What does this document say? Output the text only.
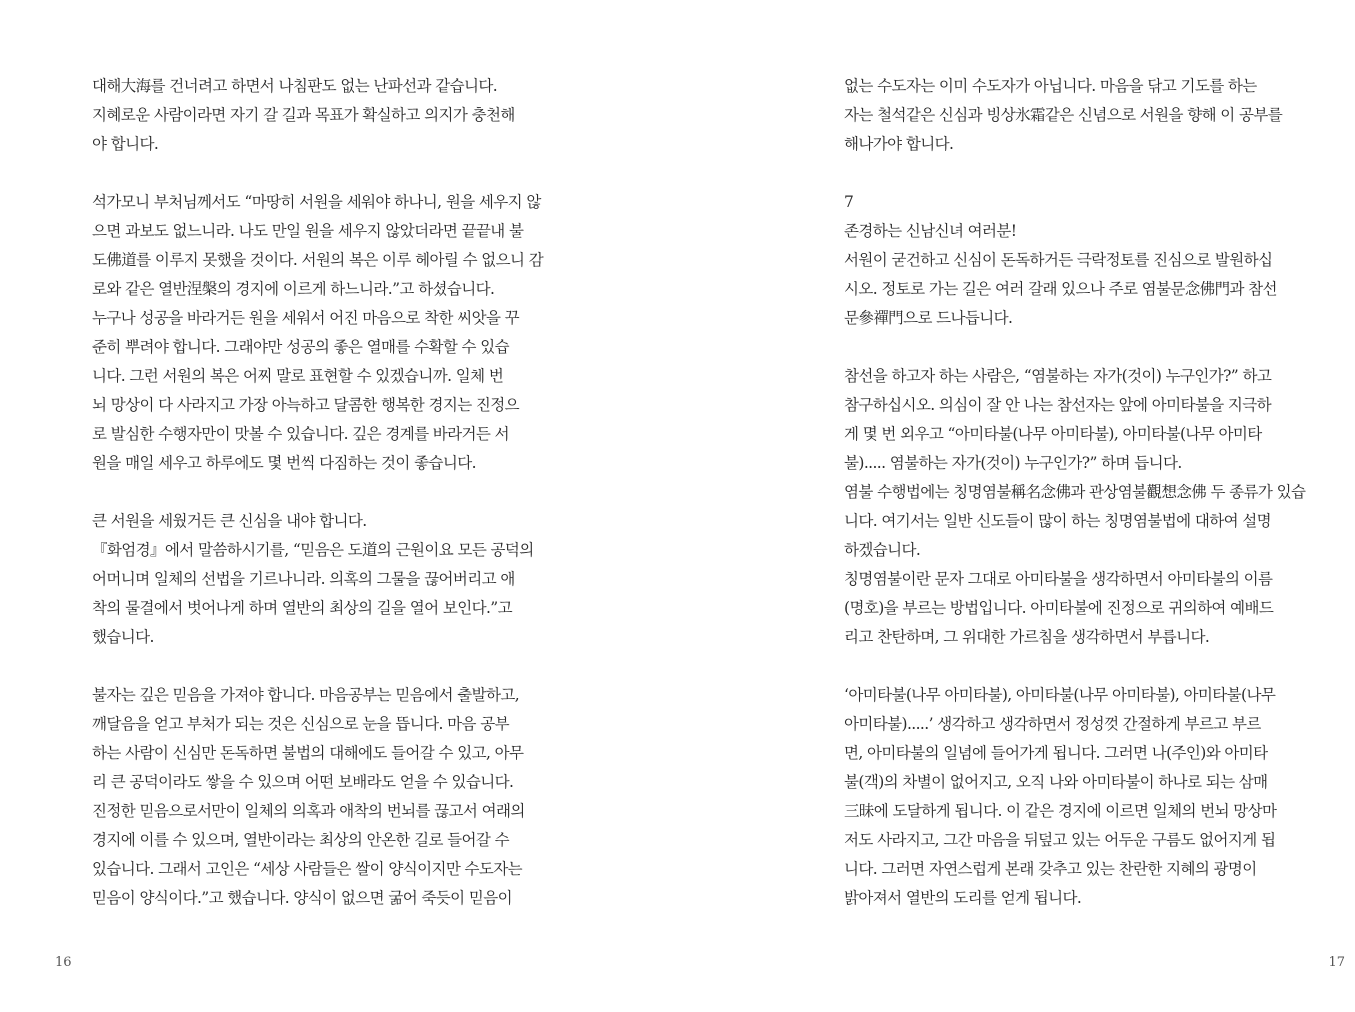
대해大海를 건너려고 하면서 나침판도 없는 난파선과 같습니다.
지혜로운 사람이라면 자기 갈 길과 목표가 확실하고 의지가 충천해
야 합니다.
석가모니 부처님께서도 “마땅히 서원을 세워야 하나니, 원을 세우지 않
으면 과보도 없느니라. 나도 만일 원을 세우지 않았더라면 끝끝내 불
도佛道를 이루지 못했을 것이다. 서원의 복은 이루 헤아릴 수 없으니 감
로와 같은 열반涅槃의 경지에 이르게 하느니라.”고 하셨습니다.
누구나 성공을 바라거든 원을 세워서 어진 마음으로 착한 씨앗을 꾸
준히 뿌려야 합니다. 그래야만 성공의 좋은 열매를 수확할 수 있습
니다. 그런 서원의 복은 어찌 말로 표현할 수 있겠습니까. 일체 번
뇌 망상이 다 사라지고 가장 아늑하고 달콤한 행복한 경지는 진정으
로 발심한 수행자만이 맛볼 수 있습니다. 깊은 경계를 바라거든 서
원을 매일 세우고 하루에도 몇 번씩 다짐하는 것이 좋습니다.
큰 서원을 세웠거든 큰 신심을 내야 합니다.
『화엄경』에서 말씀하시기를, “믿음은 도道의 근원이요 모든 공덕의
어머니며 일체의 선법을 기르나니라. 의혹의 그물을 끊어버리고 애
착의 물결에서 벗어나게 하며 열반의 최상의 길을 열어 보인다.”고
했습니다.
불자는 깊은 믿음을 가져야 합니다. 마음공부는 믿음에서 출발하고,
깨달음을 얻고 부처가 되는 것은 신심으로 눈을 뜹니다. 마음 공부
하는 사람이 신심만 돈독하면 불법의 대해에도 들어갈 수 있고, 아무
리 큰 공덕이라도 쌓을 수 있으며 어떤 보배라도 얻을 수 있습니다.
진정한 믿음으로서만이 일체의 의혹과 애착의 번뇌를 끊고서 여래의
경지에 이를 수 있으며, 열반이라는 최상의 안온한 길로 들어갈 수
있습니다. 그래서 고인은 “세상 사람들은 쌀이 양식이지만 수도자는
믿음이 양식이다.”고 했습니다. 양식이 없으면 굶어 죽듯이 믿음이
16
없는 수도자는 이미 수도자가 아닙니다. 마음을 닦고 기도를 하는
자는 철석같은 신심과 빙상氷霜같은 신념으로 서원을 향해 이 공부를
해나가야 합니다.
7
존경하는 신남신녀 여러분!
서원이 굳건하고 신심이 돈독하거든 극락정토를 진심으로 발원하십
시오. 정토로 가는 길은 여러 갈래 있으나 주로 염불문念佛門과 참선
문參禪門으로 드나듭니다.
참선을 하고자 하는 사람은, “염불하는 자가(것이) 누구인가?” 하고
참구하십시오. 의심이 잘 안 나는 참선자는 앞에 아미타불을 지극하
게 몇 번 외우고 “아미타불(나무 아미타불), 아미타불(나무 아미타
불)..... 염불하는 자가(것이) 누구인가?” 하며 듭니다.
염불 수행법에는 칭명염불稱名念佛과 관상염불觀想念佛 두 종류가 있습
니다. 여기서는 일반 신도들이 많이 하는 칭명염불법에 대하여 설명
하겠습니다.
칭명염불이란 문자 그대로 아미타불을 생각하면서 아미타불의 이름
(명호)을 부르는 방법입니다. 아미타불에 진정으로 귀의하여 예배드
리고 찬탄하며, 그 위대한 가르침을 생각하면서 부릅니다.
‘아미타불(나무 아미타불), 아미타불(나무 아미타불), 아미타불(나무
아미타불).....’ 생각하고 생각하면서 정성껏 간절하게 부르고 부르
면, 아미타불의 일념에 들어가게 됩니다. 그러면 나(주인)와 아미타
불(객)의 차별이 없어지고, 오직 나와 아미타불이 하나로 되는 삼매
三昧에 도달하게 됩니다. 이 같은 경지에 이르면 일체의 번뇌 망상마
저도 사라지고, 그간 마음을 뒤덮고 있는 어두운 구름도 없어지게 됩
니다. 그러면 자연스럽게 본래 갖추고 있는 찬란한 지혜의 광명이
밝아져서 열반의 도리를 얻게 됩니다.
17
